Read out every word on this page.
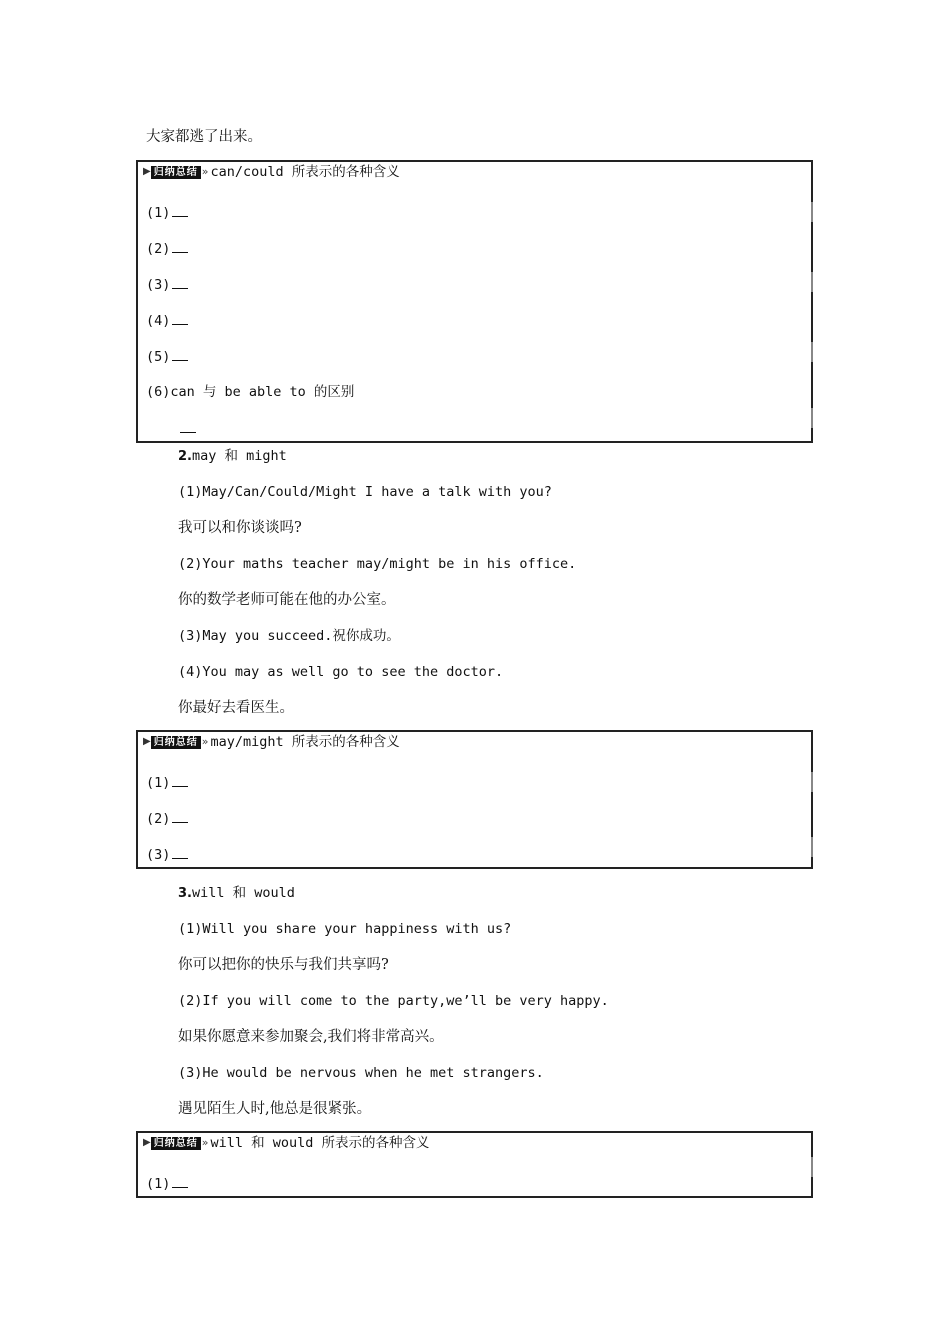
大家都逃了出来。
▶ 归纳总结 » can/could 所表示的各种含义
(1)
(2)
(3)
(4)
(5)
(6)can 与 be able to 的区别
2.may 和 might
(1)May/Can/Could/Might I have a talk with you?
我可以和你谈谈吗?
(2)Your maths teacher may/might be in his office.
你的数学老师可能在他的办公室。
(3)May you succeed.祝你成功。
(4)You may as well go to see the doctor.
你最好去看医生。
▶ 归纳总结 » may/might 所表示的各种含义
(1)
(2)
(3)
3.will 和 would
(1)Will you share your happiness with us?
你可以把你的快乐与我们共享吗?
(2)If you will come to the party,we’ll be very happy.
如果你愿意来参加聚会,我们将非常高兴。
(3)He would be nervous when he met strangers.
遇见陌生人时,他总是很紧张。
▶ 归纳总结 » will 和 would 所表示的各种含义
(1)
